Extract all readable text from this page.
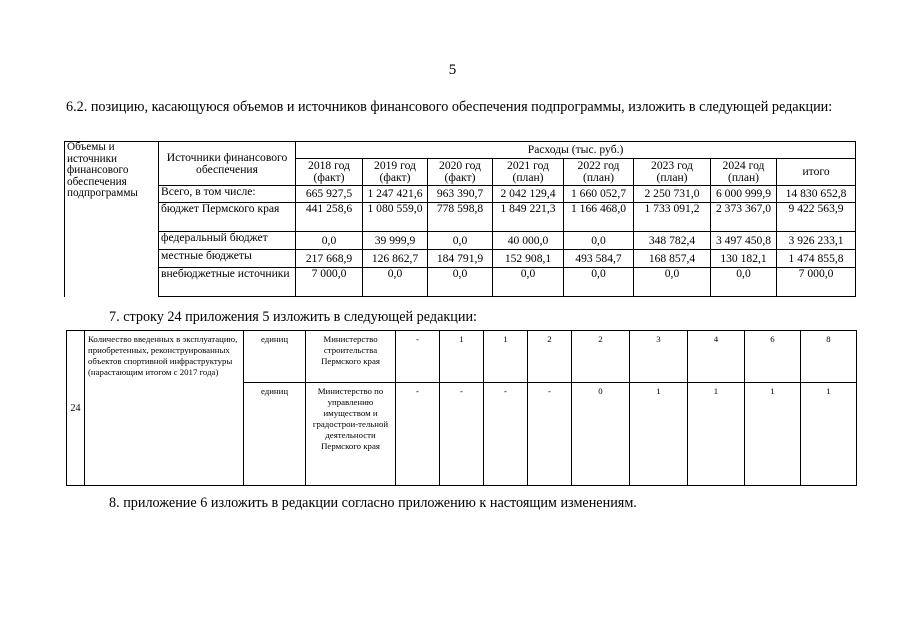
5
6.2. позицию, касающуюся объемов и источников финансового обеспечения подпрограммы, изложить в следующей редакции:
Объемы и источники финансового обеспечения подпрограммы	Источники финансового обеспечения	Расходы (тыс. руб.)							
		2018 год (факт)	2019 год (факт)	2020 год (факт)	2021 год (план)	2022 год (план)	2023 год (план)	2024 год (план)	итого
	Всего, в том числе:	665 927,5	1 247 421,6	963 390,7	2 042 129,4	1 660 052,7	2 250 731,0	6 000 999,9	14 830 652,8
	бюджет Пермского края	441 258,6	1 080 559,0	778 598,8	1 849 221,3	1 166 468,0	1 733 091,2	2 373 367,0	9 422 563,9
	федеральный бюджет	0,0	39 999,9	0,0	40 000,0	0,0	348 782,4	3 497 450,8	3 926 233,1
	местные бюджеты	217 668,9	126 862,7	184 791,9	152 908,1	493 584,7	168 857,4	130 182,1	1 474 855,8
	внебюджетные источники	7 000,0	0,0	0,0	0,0	0,0	0,0	0,0	7 000,0
7. строку 24 приложения 5 изложить в следующей редакции:
24	Количество введенных в эксплуатацию, приобретенных, реконструированных объектов спортивной инфраструктуры (нарастающим итогом с 2017 года)	единиц	Министерство строительства Пермского края	-	1	1	2	2	3	4	6	8
		единиц	Министерство по управлению имуществом и градострои-тельной деятельности Пермского края	-	-	-	-	0	1	1	1	1
8. приложение 6 изложить в редакции согласно приложению к настоящим изменениям.
